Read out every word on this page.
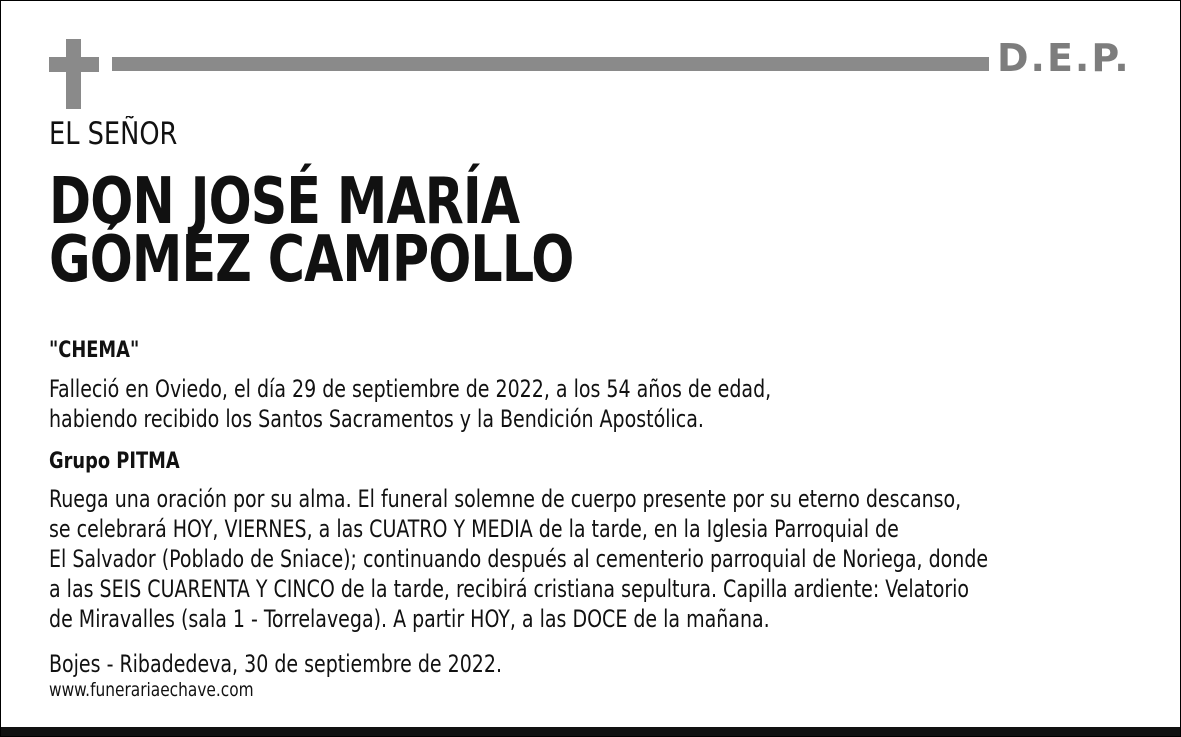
D.E.P.
EL SEÑOR
DON JOSÉ MARÍA
GÓMEZ CAMPOLLO
"CHEMA"
Falleció en Oviedo, el día 29 de septiembre de 2022, a los 54 años de edad,
habiendo recibido los Santos Sacramentos y la Bendición Apostólica.
Grupo PITMA
Ruega una oración por su alma. El funeral solemne de cuerpo presente por su eterno descanso,
se celebrará HOY, VIERNES, a las CUATRO Y MEDIA de la tarde, en la Iglesia Parroquial de
El Salvador (Poblado de Sniace); continuando después al cementerio parroquial de Noriega, donde
a las SEIS CUARENTA Y CINCO de la tarde, recibirá cristiana sepultura. Capilla ardiente: Velatorio
de Miravalles (sala 1 - Torrelavega). A partir HOY, a las DOCE de la mañana.
Bojes - Ribadedeva, 30 de septiembre de 2022.
www.funerariaechave.com
